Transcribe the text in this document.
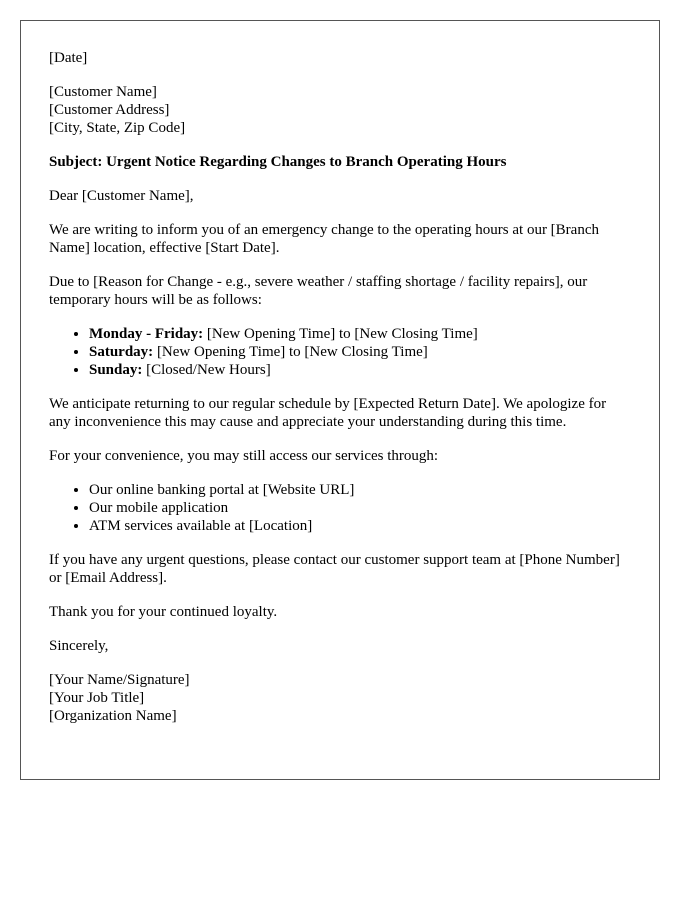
[Date]
[Customer Name]
[Customer Address]
[City, State, Zip Code]
Subject: Urgent Notice Regarding Changes to Branch Operating Hours
Dear [Customer Name],
We are writing to inform you of an emergency change to the operating hours at our [Branch Name] location, effective [Start Date].
Due to [Reason for Change - e.g., severe weather / staffing shortage / facility repairs], our temporary hours will be as follows:
• Monday - Friday: [New Opening Time] to [New Closing Time]
• Saturday: [New Opening Time] to [New Closing Time]
• Sunday: [Closed/New Hours]
We anticipate returning to our regular schedule by [Expected Return Date]. We apologize for any inconvenience this may cause and appreciate your understanding during this time.
For your convenience, you may still access our services through:
• Our online banking portal at [Website URL]
• Our mobile application
• ATM services available at [Location]
If you have any urgent questions, please contact our customer support team at [Phone Number] or [Email Address].
Thank you for your continued loyalty.
Sincerely,
[Your Name/Signature]
[Your Job Title]
[Organization Name]
